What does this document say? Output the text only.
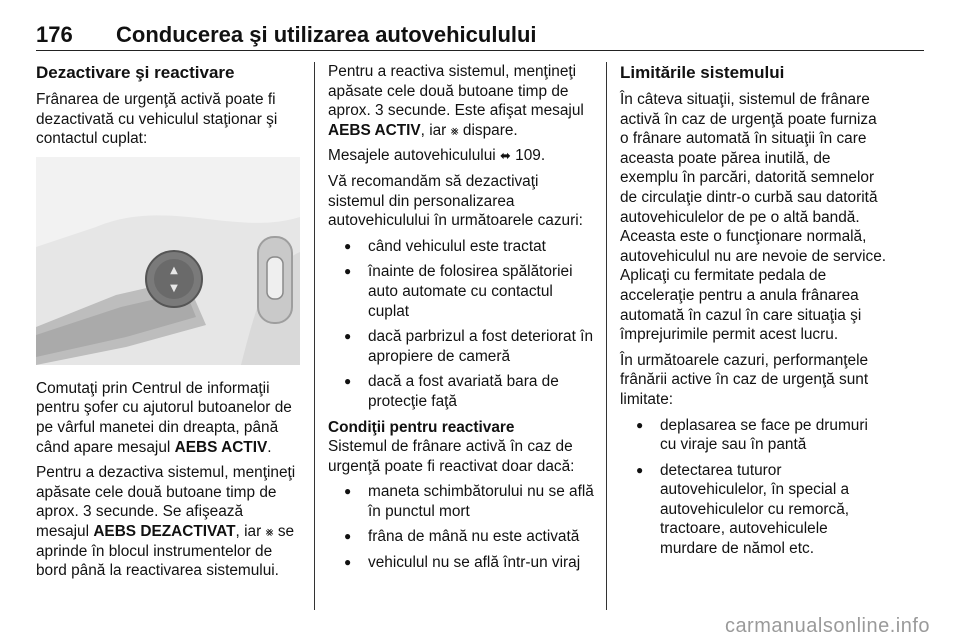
176 Conducerea şi utilizarea autovehiculului
Dezactivare şi reactivare

Frânarea de urgenţă activă poate fi dezactivată cu vehiculul staţionar şi contactul cuplat:

▲
▼

Comutaţi prin Centrul de informaţii pentru şofer cu ajutorul butoanelor de pe vârful manetei din dreapta, până când apare mesajul AEBS ACTIV.

Pentru a dezactiva sistemul, menţineţi apăsate cele două butoane timp de aprox. 3 secunde. Se afişează mesajul AEBS DEZACTIVAT, iar ⨳ se aprinde în blocul instrumentelor de bord până la reactivarea sistemului.

Pentru a reactiva sistemul, menţineţi apăsate cele două butoane timp de aprox. 3 secunde. Este afişat mesajul AEBS ACTIV, iar ⨳ dispare.

Mesajele autovehiculului ⬌ 109.

Vă recomandăm să dezactivaţi sistemul din personalizarea autovehiculului în următoarele cazuri:

● când vehiculul este tractat
● înainte de folosirea spălătoriei auto automate cu contactul cuplat
● dacă parbrizul a fost deteriorat în apropiere de cameră
● dacă a fost avariată bara de protecţie faţă

Condiţii pentru reactivare

Sistemul de frânare activă în caz de urgenţă poate fi reactivat doar dacă:

● maneta schimbătorului nu se află în punctul mort
● frâna de mână nu este activată
● vehiculul nu se află într-un viraj
Limitările sistemului

În câteva situaţii, sistemul de frânare activă în caz de urgenţă poate furniza o frânare automată în situaţii în care aceasta poate părea inutilă, de exemplu în parcări, datorită semnelor de circulaţie dintr-o curbă sau datorită autovehiculelor de pe o altă bandă. Aceasta este o funcţionare normală, autovehiculul nu are nevoie de service. Aplicaţi cu fermitate pedala de acceleraţie pentru a anula frânarea automată în cazul în care situaţia şi împrejurimile permit acest lucru.

În următoarele cazuri, performanţele frânării active în caz de urgenţă sunt limitate:

● deplasarea se face pe drumuri cu viraje sau în pantă
● detectarea tuturor autovehiculelor, în special a autovehiculelor cu remorcă, tractoare, autovehiculele murdare de nămol etc.
carmanualsonline.info
